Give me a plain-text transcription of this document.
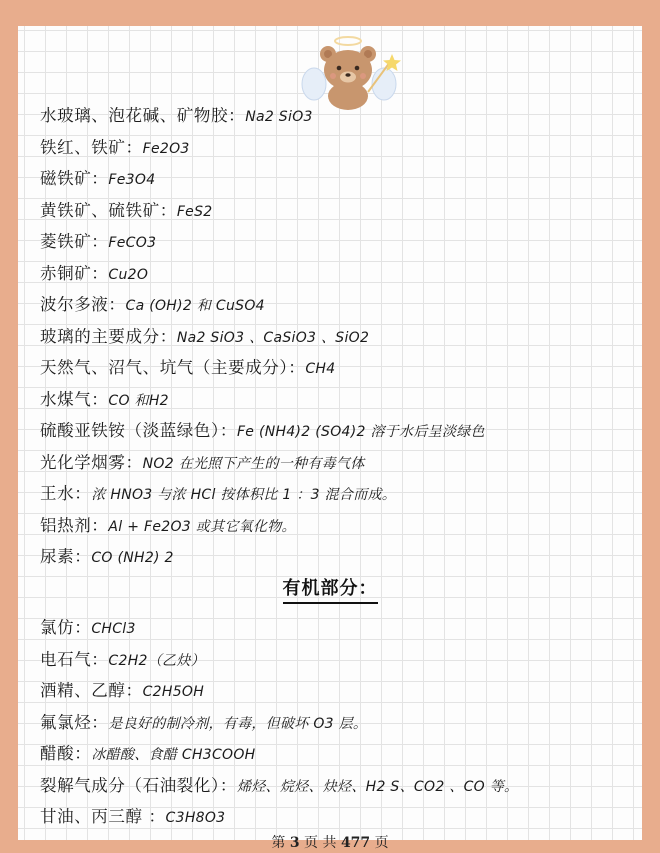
水玻璃、泡花碱、矿物胶：Na2 SiO3
铁红、铁矿：Fe2O3
磁铁矿：Fe3O4
黄铁矿、硫铁矿：FeS2
菱铁矿：FeCO3
赤铜矿：Cu2O
波尔多液：Ca (OH)2 和 CuSO4
玻璃的主要成分：Na2 SiO3 、CaSiO3 、SiO2
天然气、沼气、坑气（主要成分）：CH4
水煤气：CO 和H2
硫酸亚铁铵（淡蓝绿色）：Fe (NH4)2 (SO4)2 溶于水后呈淡绿色
光化学烟雾：NO2 在光照下产生的一种有毒气体
王水：浓 HNO3 与浓 HCl 按体积比 1 ：3 混合而成。
铝热剂：Al + Fe2O3 或其它氧化物。
尿素：CO (NH2) 2
有机部分：
氯仿：CHCl3
电石气：C2H2（乙炔）
酒精、乙醇：C2H5OH
氟氯烃：是良好的制冷剂，有毒，但破坏 O3 层。
醋酸：冰醋酸、食醋 CH3COOH
裂解气成分（石油裂化）：烯烃、烷烃、炔烃、H2 S、CO2 、CO 等。
甘油、丙三醇 ：C3H8O3
第 3 页 共 477 页
